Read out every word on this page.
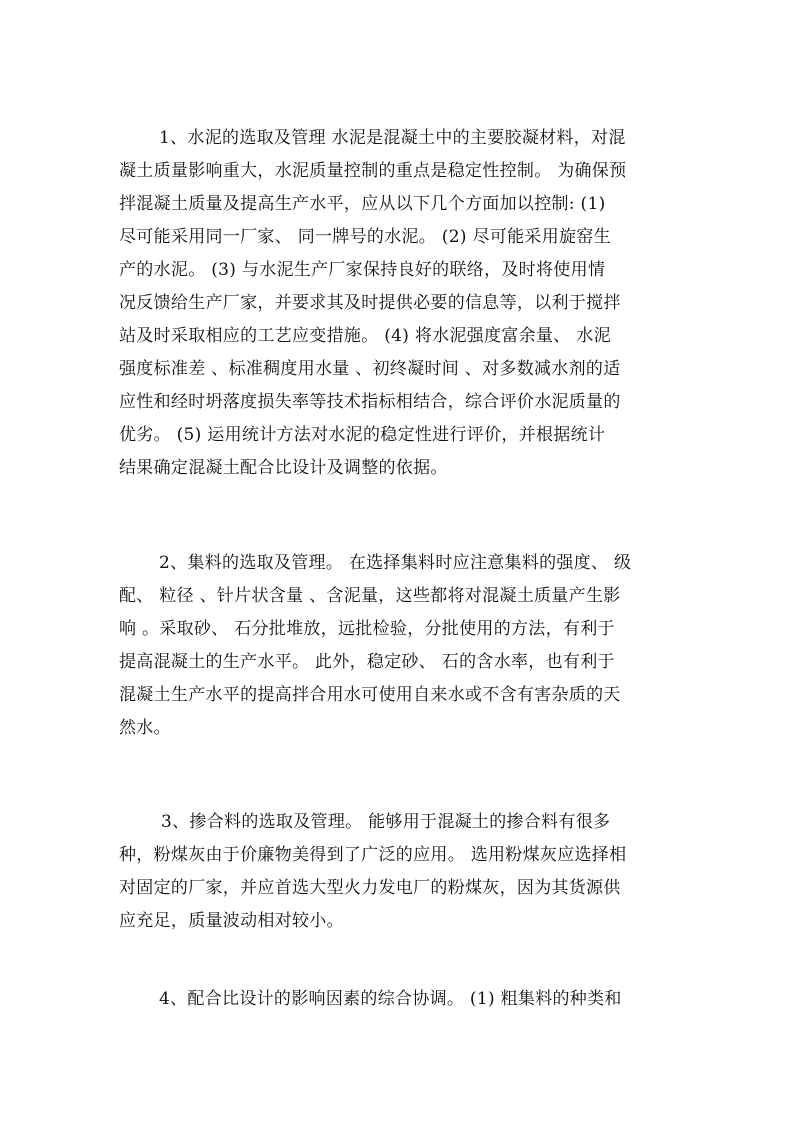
1、水泥的选取及管理 水泥是混凝土中的主要胶凝材料，对混
凝土质量影响重大，水泥质量控制的重点是稳定性控制。 为确保预
拌混凝土质量及提高生产水平，应从以下几个方面加以控制: (1)
尽可能采用同一厂家、 同一牌号的水泥。 (2) 尽可能采用旋窑生
产的水泥。 (3) 与水泥生产厂家保持良好的联络，及时将使用情
况反馈给生产厂家，并要求其及时提供必要的信息等，以利于搅拌
站及时采取相应的工艺应变措施。 (4) 将水泥强度富余量、 水泥
强度标准差 、标准稠度用水量 、初终凝时间 、对多数减水剂的适
应性和经时坍落度损失率等技术指标相结合，综合评价水泥质量的
优劣。 (5) 运用统计方法对水泥的稳定性进行评价，并根据统计
结果确定混凝土配合比设计及调整的依据。
2、集料的选取及管理。 在选择集料时应注意集料的强度、 级
配、 粒径 、针片状含量 、含泥量，这些都将对混凝土质量产生影
响 。采取砂、 石分批堆放，远批检验，分批使用的方法，有利于
提高混凝土的生产水平。 此外，稳定砂、 石的含水率，也有利于
混凝土生产水平的提高拌合用水可使用自来水或不含有害杂质的天
然水。
3、掺合料的选取及管理。 能够用于混凝土的掺合料有很多
种，粉煤灰由于价廉物美得到了广泛的应用。 选用粉煤灰应选择相
对固定的厂家，并应首选大型火力发电厂的粉煤灰，因为其货源供
应充足，质量波动相对较小。
4、配合比设计的影响因素的综合协调。 (1) 粗集料的种类和
